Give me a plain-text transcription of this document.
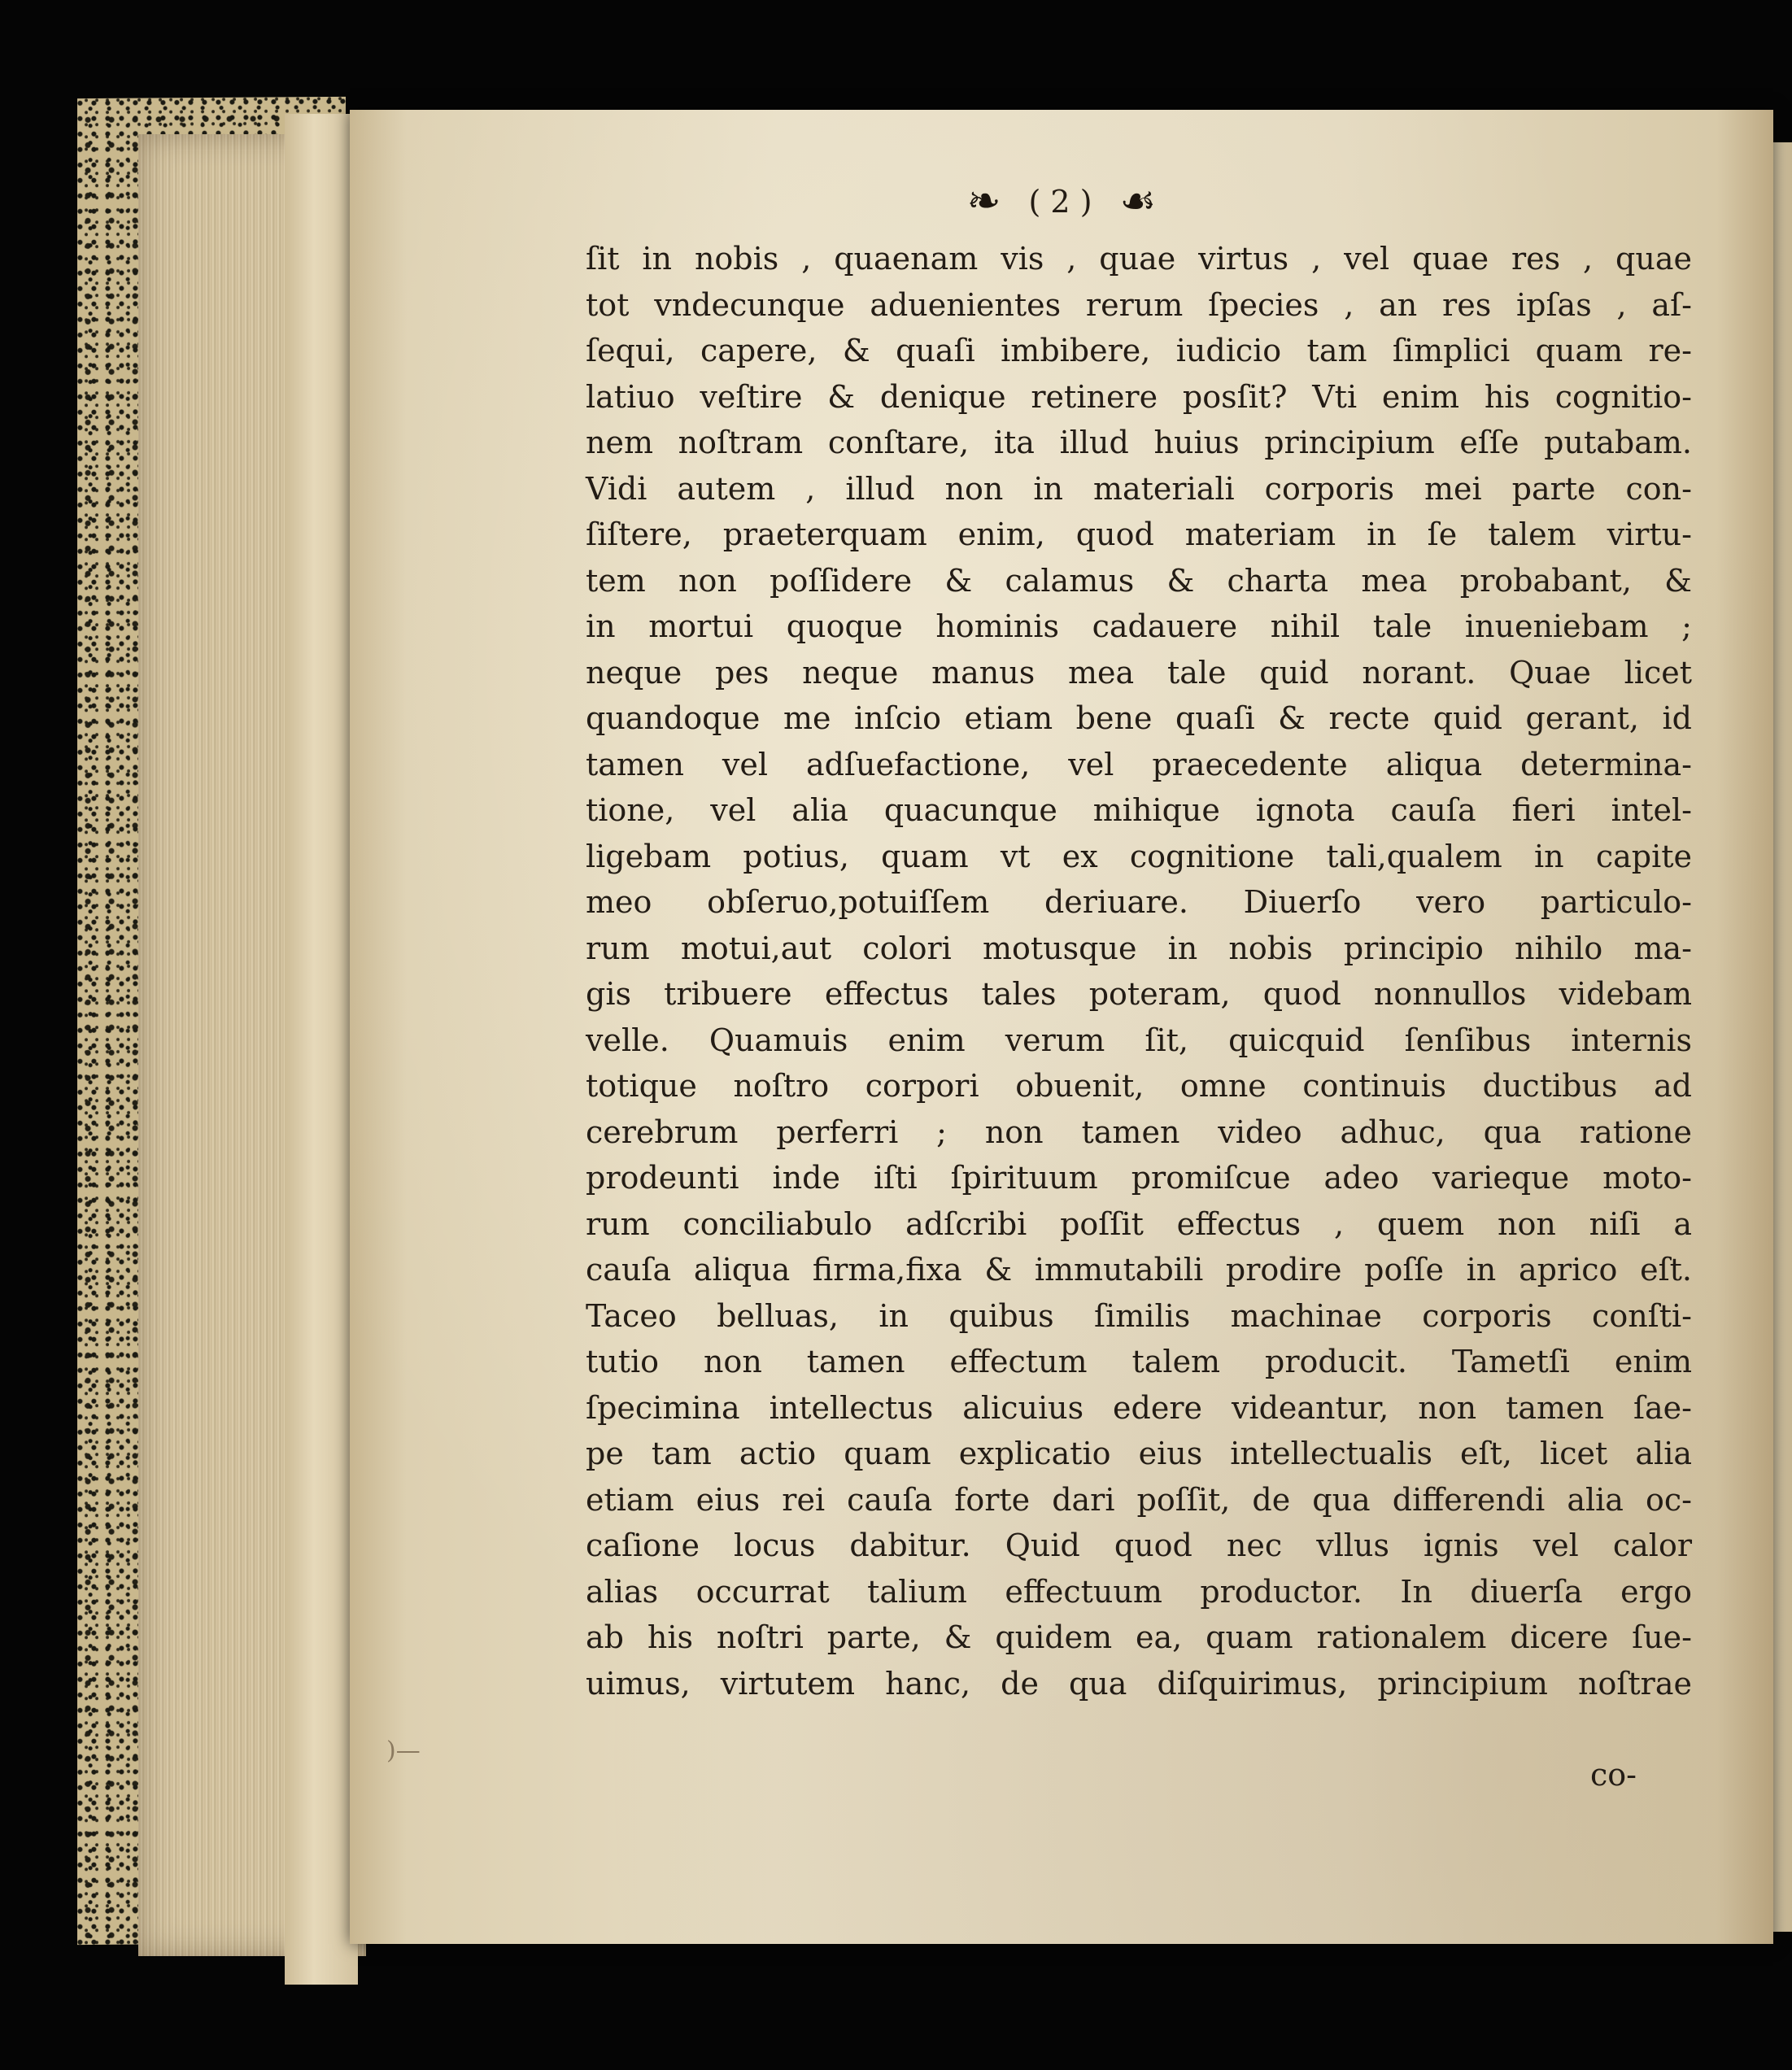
❧ ( 2 ) ☙
ſit in nobis , quaenam vis , quae virtus , vel quae res , quae
tot vndecunque aduenientes rerum ſpecies , an res ipſas , aſ-
ſequi, capere, & quaſi imbibere, iudicio tam ſimplici quam re-
latiuo veſtire & denique retinere posſit? Vti enim his cognitio-
nem noſtram conſtare, ita illud huius principium eſſe putabam.
Vidi autem , illud non in materiali corporis mei parte con-
ſiſtere, praeterquam enim, quod materiam in ſe talem virtu-
tem non poſſidere & calamus & charta mea probabant, &
in mortui quoque hominis cadauere nihil tale inueniebam ;
neque pes neque manus mea tale quid norant. Quae licet
quandoque me inſcio etiam bene quaſi & recte quid gerant, id
tamen vel adſuefactione, vel praecedente aliqua determina-
tione, vel alia quacunque mihique ignota cauſa fieri intel-
ligebam potius, quam vt ex cognitione tali,qualem in capite
meo obſeruo,potuiſſem deriuare. Diuerſo vero particulo-
rum motui,aut colori motusque in nobis principio nihilo ma-
gis tribuere effectus tales poteram, quod nonnullos videbam
velle. Quamuis enim verum ſit, quicquid ſenſibus internis
totique noſtro corpori obuenit, omne continuis ductibus ad
cerebrum perferri ; non tamen video adhuc, qua ratione
prodeunti inde iſti ſpirituum promiſcue adeo varieque moto-
rum conciliabulo adſcribi poſſit effectus , quem non niſi a
cauſa aliqua firma,fixa & immutabili prodire poſſe in aprico eſt.
Taceo belluas, in quibus ſimilis machinae corporis conſti-
tutio non tamen effectum talem producit. Tametſi enim
ſpecimina intellectus alicuius edere videantur, non tamen ſae-
pe tam actio quam explicatio eius intellectualis eſt, licet alia
etiam eius rei cauſa forte dari poſſit, de qua differendi alia oc-
caſione locus dabitur. Quid quod nec vllus ignis vel calor
alias occurrat talium effectuum productor. In diuerſa ergo
ab his noſtri parte, & quidem ea, quam rationalem dicere ſue-
uimus, virtutem hanc, de qua diſquirimus, principium noſtrae
co-
)—
